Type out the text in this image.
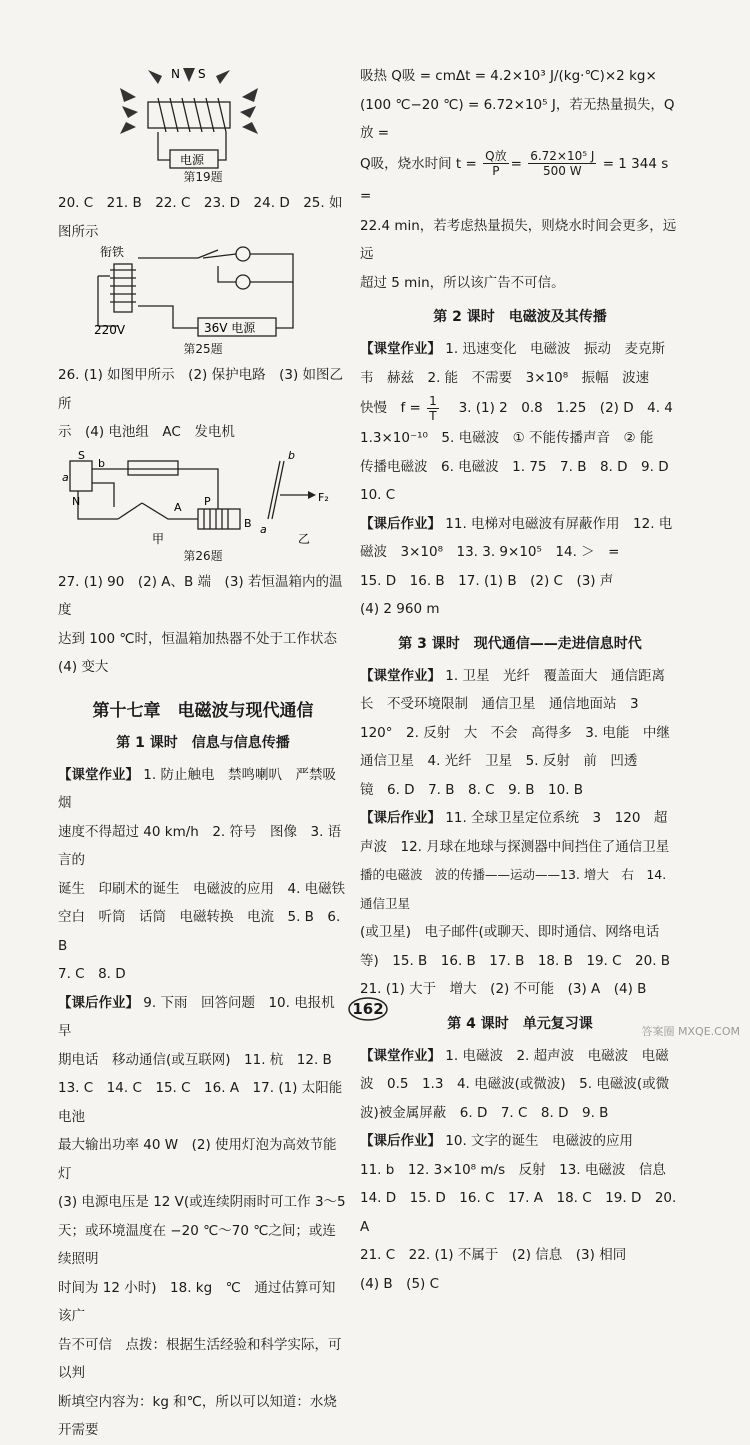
N S
电源
第19题

20. C　21. B　22. C　23. D　24. D　25. 如图所示

衔铁
220V	36V 电源
第25题

26. (1) 如图甲所示　(2) 保护电路　(3) 如图乙所

示　(4) 电池组　AC　发电机

S
b
a
N	A P
B
b
a
F₂
甲	乙
第26题

27. (1) 90　(2) A、B 端　(3) 若恒温箱内的温度

达到 100 ℃时，恒温箱加热器不处于工作状态

(4) 变大

第十七章　电磁波与现代通信
第 1 课时　信息与信息传播

【课堂作业】 1. 防止触电　禁鸣喇叭　严禁吸烟

速度不得超过 40 km/h　2. 符号　图像　3. 语言的

诞生　印刷术的诞生　电磁波的应用　4. 电磁铁

空白　听筒　话筒　电磁转换　电流　5. B　6. B

7. C　8. D

【课后作业】 9. 下雨　回答问题　10. 电报机　早

期电话　移动通信(或互联网)　11. 杭　12. B

13. C　14. C　15. C　16. A　17. (1) 太阳能电池

最大输出功率 40 W　(2) 使用灯泡为高效节能灯

(3) 电源电压是 12 V(或连续阴雨时可工作 3～5

天；或环境温度在 −20 ℃～70 ℃之间；或连续照明

时间为 12 小时)　18. kg　℃　通过估算可知该广

告不可信　点拨：根据生活经验和科学实际，可以判

断填空内容为：kg 和℃，所以可以知道：水烧开需要

吸热 Q吸 = cmΔt = 4.2×10³ J/(kg·℃)×2 kg×

(100 ℃−20 ℃) = 6.72×10⁵ J，若无热量损失，Q放 =

Q吸，烧水时间 $t = \frac{\text{Q放}}{P} = \frac{\text{6.72×10⁵ J}}{500 W} = 1$ 344 s =

22.4 min，若考虑热量损失，则烧水时间会更多，远远

超过 5 min，所以该广告不可信。

第 2 课时　电磁波及其传播

【课堂作业】 1. 迅速变化　电磁波　振动　麦克斯

韦　赫兹　2. 能　不需要　3×10⁸　振幅　波速

快慢　$f = \frac{1}{T}$ 　3. (1) 2　0.8　1.25　(2) D　4. 4

1.3×10⁻¹⁰　5. 电磁波　① 不能传播声音　② 能

传播电磁波　6. 电磁波　1. 75　7. B　8. D　9. D

10. C

【课后作业】 11. 电梯对电磁波有屏蔽作用　12. 电

磁波　3×10⁸　13. 3. 9×10⁵　14. ＞　=

15. D　16. B　17. (1) B　(2) C　(3) 声

(4) 2 960 m

第 3 课时　现代通信——走进信息时代

【课堂作业】 1. 卫星　光纤　覆盖面大　通信距离

长　不受环境限制　通信卫星　通信地面站　3

120°　2. 反射　大　不会　高得多　3. 电能　中继

通信卫星　4. 光纤　卫星　5. 反射　前　凹透

镜　6. D　7. B　8. C　9. B　10. B

【课后作业】 11. 全球卫星定位系统　3　120　超

声波　12. 月球在地球与探测器中间挡住了通信卫星

播的电磁波　波的传播——运动——13. 增大　右　14. 通信卫星

(或卫星)　电子邮件(或聊天、即时通信、网络电话

等)　15. B　16. B　17. B　18. B　19. C　20. B

21. (1) 大于　增大　(2) 不可能　(3) A　(4) B

第 4 课时　单元复习课

【课堂作业】 1. 电磁波　2. 超声波　电磁波　电磁

波　0.5　1.3　4. 电磁波(或微波)　5. 电磁波(或微

波)被金属屏蔽　6. D　7. C　8. D　9. B

【课后作业】 10. 文字的诞生　电磁波的应用

11. b　12. 3×10⁸ m/s　反射　13. 电磁波　信息

14. D　15. D　16. C　17. A　18. C　19. D　20. A

21. C　22. (1) 不属于　(2) 信息　(3) 相同

(4) B　(5) C

162
答案圈 MXQE.COM
